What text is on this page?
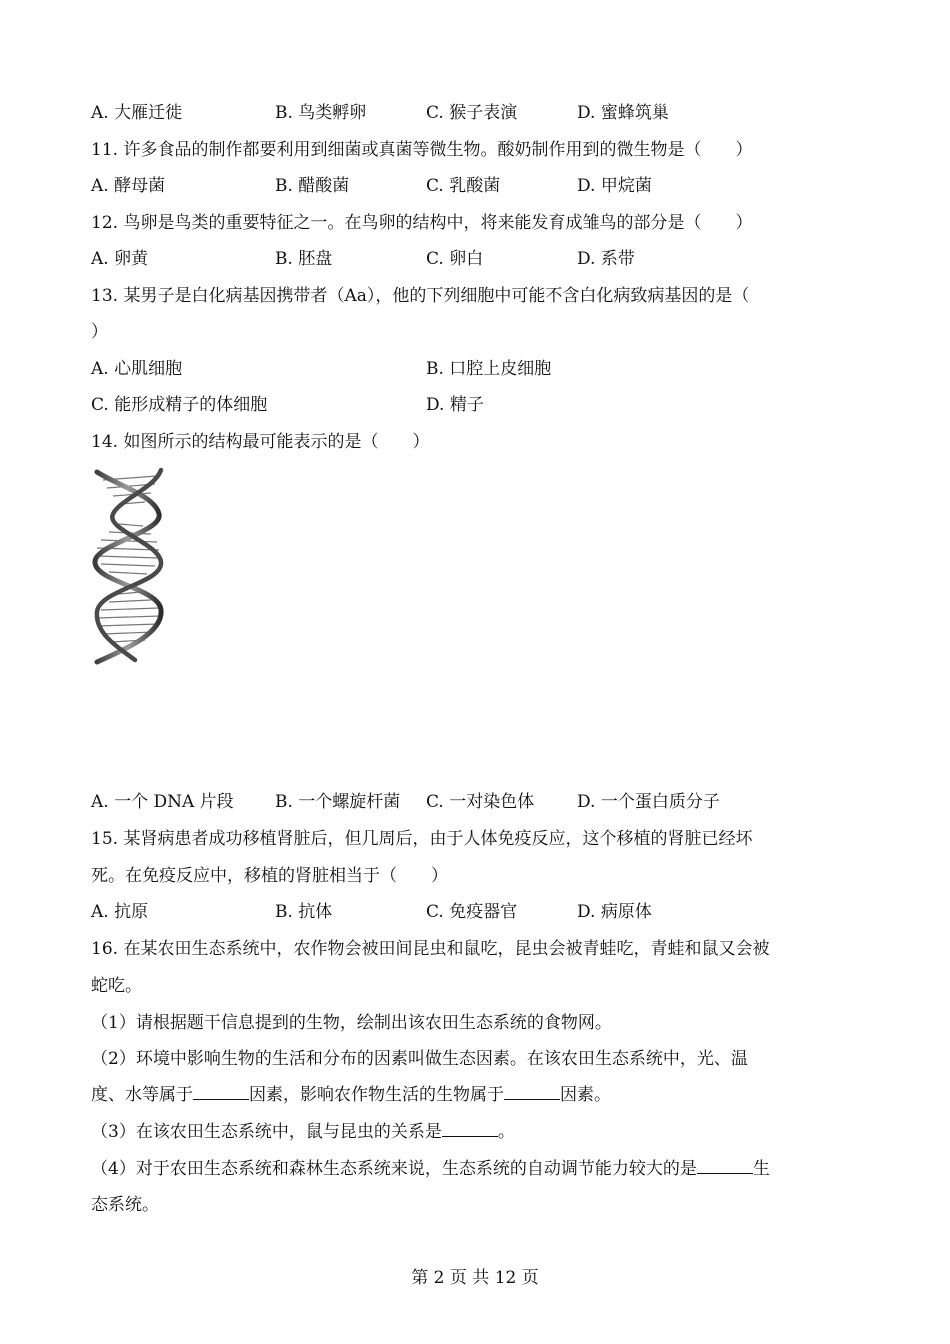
A. 大雁迁徙	B. 鸟类孵卵	C. 猴子表演	D. 蜜蜂筑巢
11. 许多食品的制作都要利用到细菌或真菌等微生物。酸奶制作用到的微生物是（　　）
A. 酵母菌	B. 醋酸菌	C. 乳酸菌	D. 甲烷菌
12. 鸟卵是鸟类的重要特征之一。在鸟卵的结构中，将来能发育成雏鸟的部分是（　　）
A. 卵黄	B. 胚盘	C. 卵白	D. 系带
13. 某男子是白化病基因携带者（Aa），他的下列细胞中可能不含白化病致病基因的是（
）
A. 心肌细胞	B. 口腔上皮细胞
C. 能形成精子的体细胞	D. 精子
14. 如图所示的结构最可能表示的是（　　）
A. 一个 DNA 片段 B. 一个螺旋杆菌 C. 一对染色体	D. 一个蛋白质分子
15. 某肾病患者成功移植肾脏后，但几周后，由于人体免疫反应，这个移植的肾脏已经坏
死。在免疫反应中，移植的肾脏相当于（　　）
A. 抗原	B. 抗体	C. 免疫器官	D. 病原体
16. 在某农田生态系统中，农作物会被田间昆虫和鼠吃，昆虫会被青蛙吃，青蛙和鼠又会被
蛇吃。
（1）请根据题干信息提到的生物，绘制出该农田生态系统的食物网。
（2）环境中影响生物的生活和分布的因素叫做生态因素。在该农田生态系统中，光、温
度、水等属于	因素，影响农作物生活的生物属于	因素。
（3）在该农田生态系统中，鼠与昆虫的关系是	。
（4）对于农田生态系统和森林生态系统来说，生态系统的自动调节能力较大的是	生
态系统。
第 2 页 共 12 页
